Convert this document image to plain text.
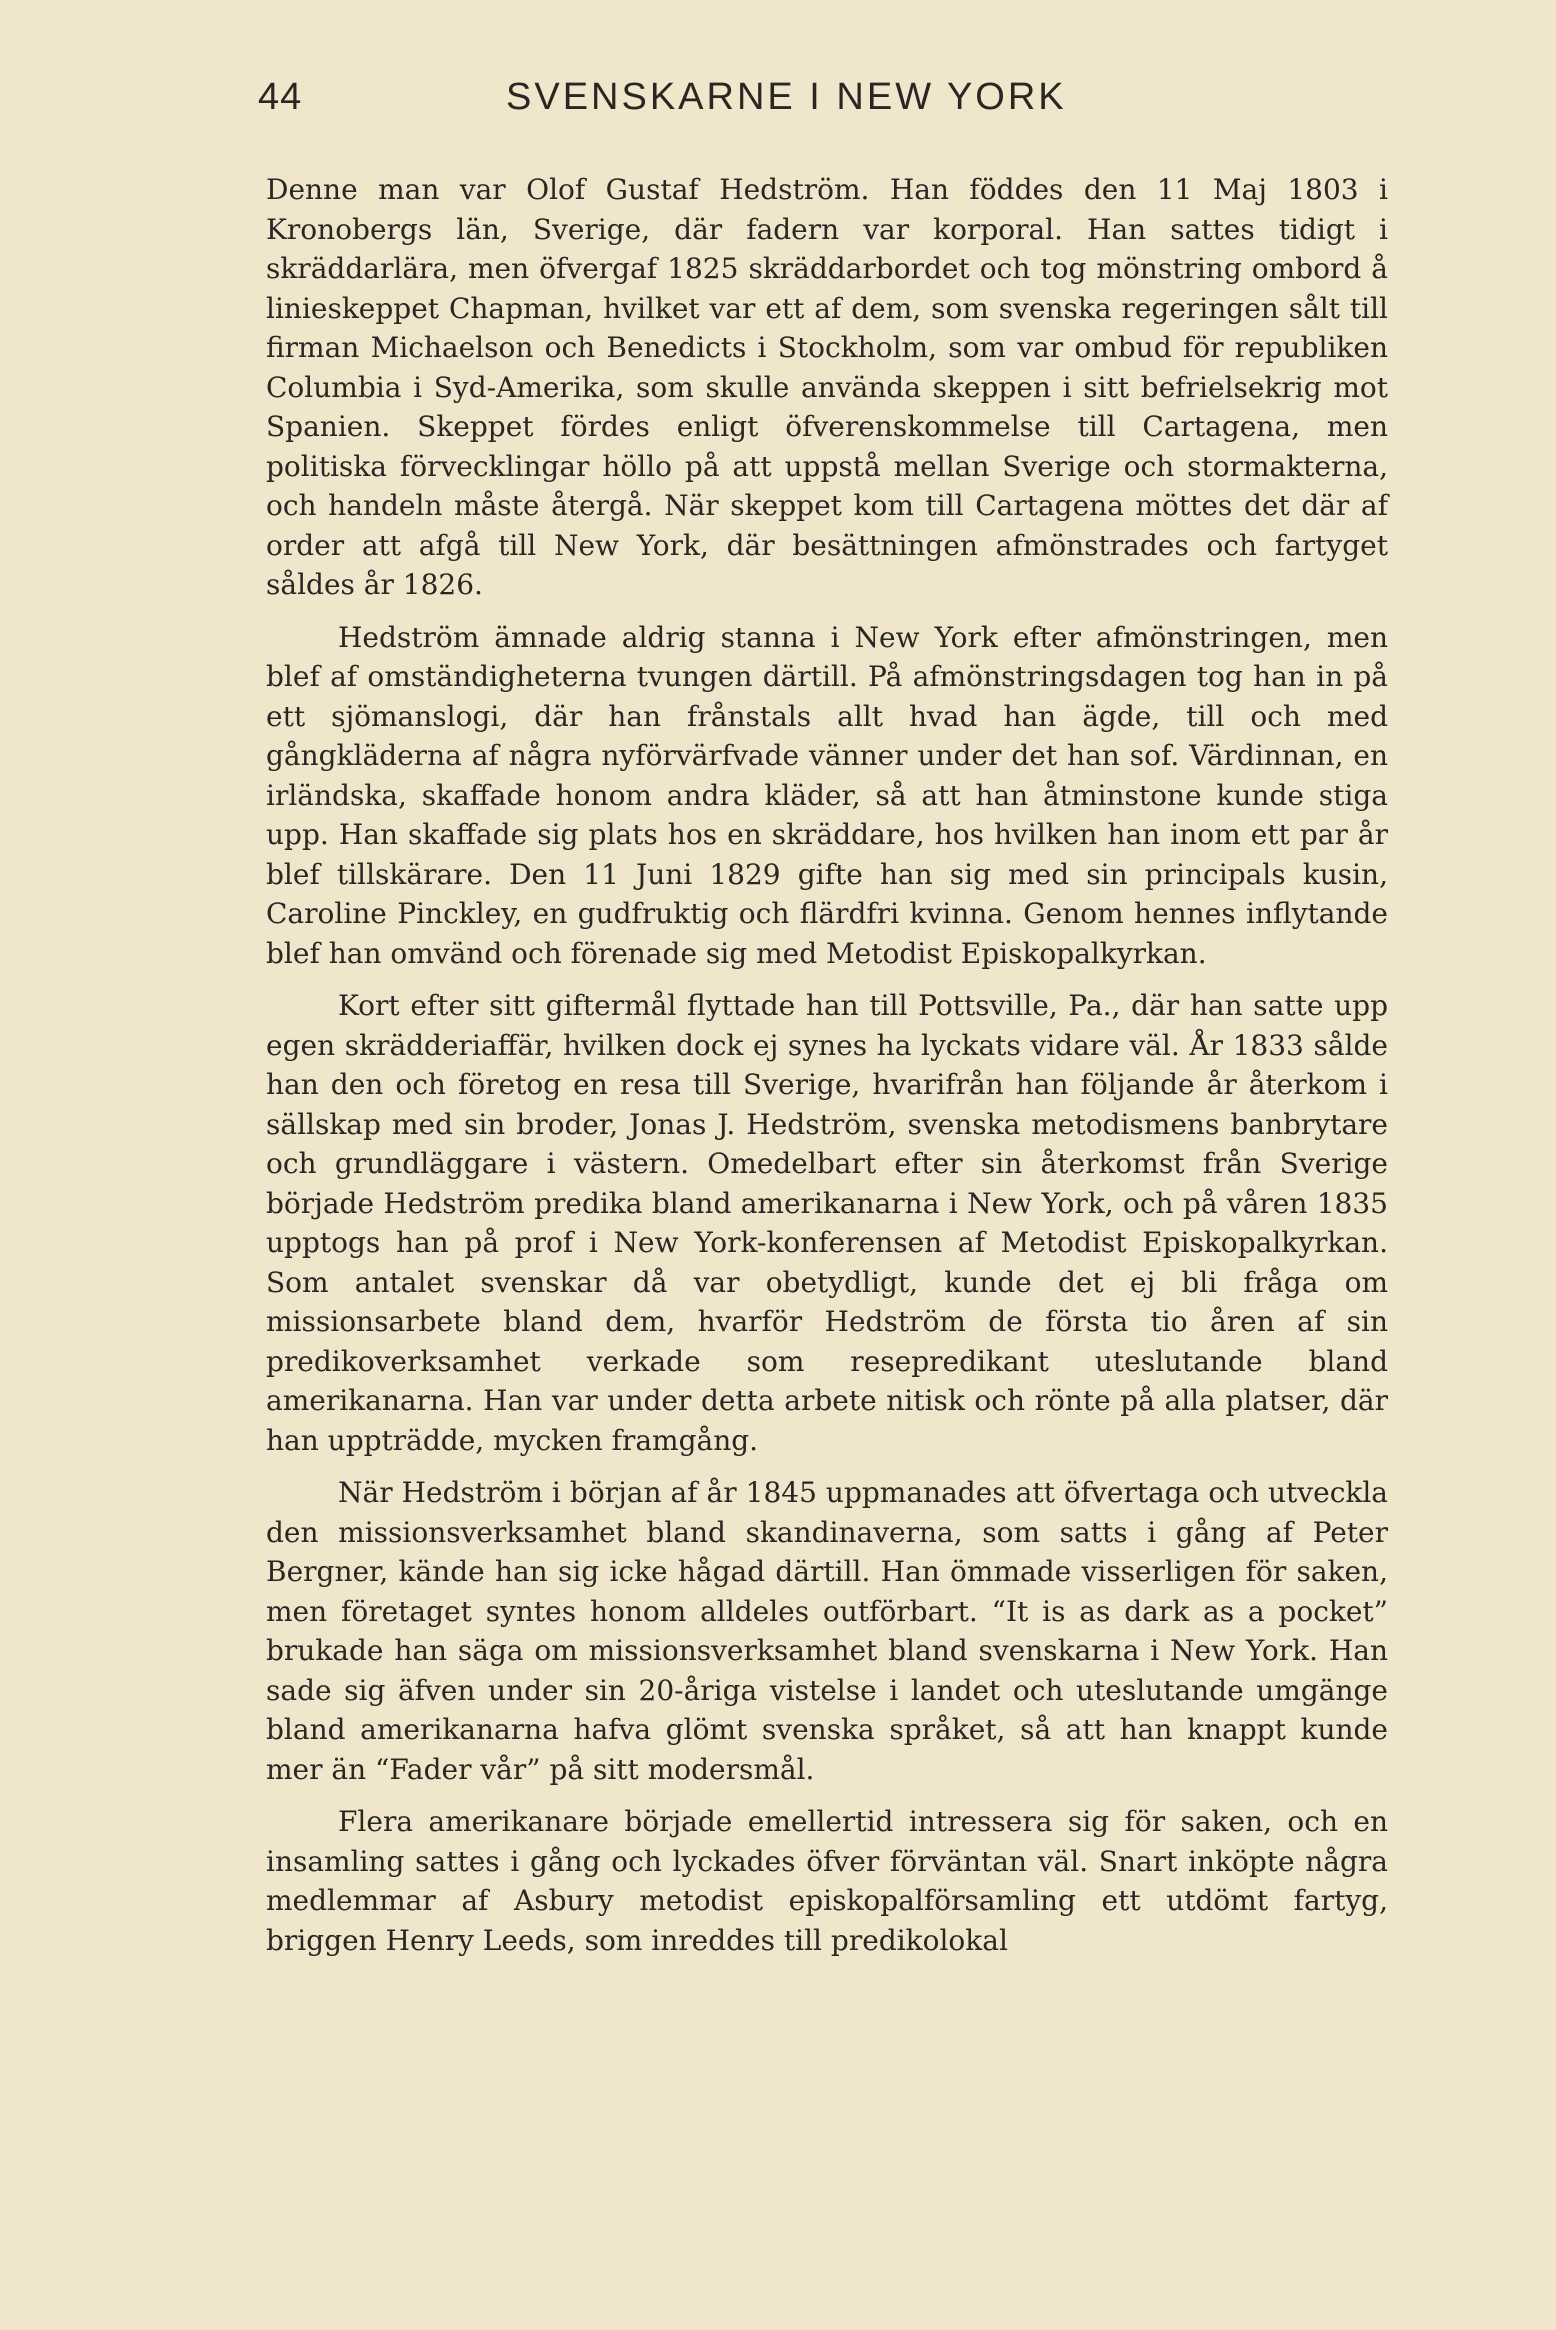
44	SVENSKARNE I NEW YORK

Denne man var Olof Gustaf Hedström. Han föddes den 11 Maj 1803 i Kronobergs län, Sverige, där fadern var korporal. Han sattes tidigt i skräddarlära, men öfvergaf 1825 skräddarbordet och tog mönstring ombord å linieskeppet Chapman, hvilket var ett af dem, som svenska regeringen sålt till firman Michaelson och Benedicts i Stockholm, som var ombud för republiken Columbia i Syd-Amerika, som skulle använda skeppen i sitt befrielsekrig mot Spanien. Skeppet fördes enligt öfverenskommelse till Cartagena, men politiska förvecklingar höllo på att uppstå mellan Sverige och stormakterna, och handeln måste återgå. När skeppet kom till Cartagena möttes det där af order att afgå till New York, där besättningen afmönstrades och fartyget såldes år 1826.

Hedström ämnade aldrig stanna i New York efter afmönstringen, men blef af omständigheterna tvungen därtill. På afmönstringsdagen tog han in på ett sjömanslogi, där han frånstals allt hvad han ägde, till och med gångkläderna af några nyförvärfvade vänner under det han sof. Värdinnan, en irländska, skaffade honom andra kläder, så att han åtminstone kunde stiga upp. Han skaffade sig plats hos en skräddare, hos hvilken han inom ett par år blef tillskärare. Den 11 Juni 1829 gifte han sig med sin principals kusin, Caroline Pinckley, en gudfruktig och flärdfri kvinna. Genom hennes inflytande blef han omvänd och förenade sig med Metodist Episkopalkyrkan.

Kort efter sitt giftermål flyttade han till Pottsville, Pa., där han satte upp egen skrädderiaffär, hvilken dock ej synes ha lyckats vidare väl. År 1833 sålde han den och företog en resa till Sverige, hvarifrån han följande år återkom i sällskap med sin broder, Jonas J. Hedström, svenska metodismens banbrytare och grundläggare i västern. Omedelbart efter sin återkomst från Sverige började Hedström predika bland amerikanarna i New York, och på våren 1835 upptogs han på prof i New York-konferensen af Metodist Episkopalkyrkan. Som antalet svenskar då var obetydligt, kunde det ej bli fråga om missionsarbete bland dem, hvarför Hedström de första tio åren af sin predikoverksamhet verkade som resepredikant uteslutande bland amerikanarna. Han var under detta arbete nitisk och rönte på alla platser, där han uppträdde, mycken framgång.

När Hedström i början af år 1845 uppmanades att öfvertaga och utveckla den missionsverksamhet bland skandinaverna, som satts i gång af Peter Bergner, kände han sig icke hågad därtill. Han ömmade visserligen för saken, men företaget syntes honom alldeles outförbart. “It is as dark as a pocket” brukade han säga om missionsverksamhet bland svenskarna i New York. Han sade sig äfven under sin 20-åriga vistelse i landet och uteslutande umgänge bland amerikanarna hafva glömt svenska språket, så att han knappt kunde mer än “Fader vår” på sitt modersmål.

Flera amerikanare började emellertid intressera sig för saken, och en insamling sattes i gång och lyckades öfver förväntan väl. Snart inköpte några medlemmar af Asbury metodist episkopalförsamling ett utdömt fartyg, briggen Henry Leeds, som inreddes till predikolokal
